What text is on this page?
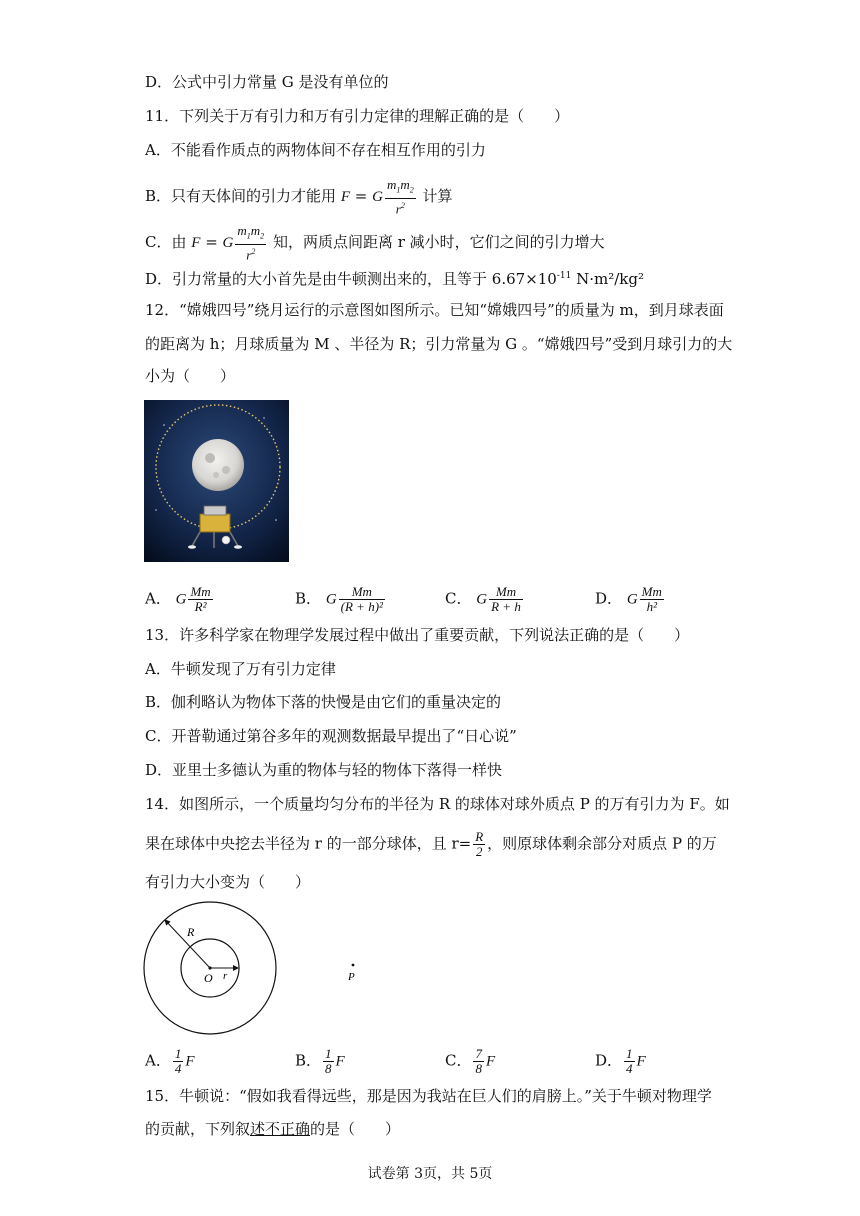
D．公式中引力常量 G 是没有单位的
11．下列关于万有引力和万有引力定律的理解正确的是（　　）
A．不能看作质点的两物体间不存在相互作用的引力
B．只有天体间的引力才能用 F = G $\frac{m_1m_2}{r^2}$ 计算
C．由 F = G $\frac{m_1m_2}{r^2}$ 知，两质点间距离 r 减小时，它们之间的引力增大
D．引力常量的大小首先是由牛顿测出来的，且等于 $6.67\times 10^{-11}$ N·m²/kg²
12．“嫦娥四号”绕月运行的示意图如图所示。已知“嫦娥四号”的质量为 m，到月球表面
的距离为 h；月球质量为 M 、半径为 R；引力常量为 G 。“嫦娥四号”受到月球引力的大
小为（　　）
A． G $\frac{Mm}{\text{R²}}$	B． G $\frac{Mm}{\text{(R + h)²}}$	C． G $\frac{Mm}{R + h}$	D． G $\frac{Mm}{\text{h²}}$
13．许多科学家在物理学发展过程中做出了重要贡献，下列说法正确的是（　　）
A．牛顿发现了万有引力定律
B．伽利略认为物体下落的快慢是由它们的重量决定的
C．开普勒通过第谷多年的观测数据最早提出了“日心说”
D．亚里士多德认为重的物体与轻的物体下落得一样快
14．如图所示，一个质量均匀分布的半径为 R 的球体对球外质点 P 的万有引力为 F。如
果在球体中央挖去半径为 r 的一部分球体，且 $r= \frac{R}{2}$ ，则原球体剩余部分对质点 P 的万
有引力大小变为（　　）
R
O r	P
A． $\frac{1}{4}$ F	B． $\frac{1}{8}$ F	C． $\frac{7}{8}$ F	D． $\frac{1}{4}$ F
15．牛顿说：“假如我看得远些，那是因为我站在巨人们的肩膀上。”关于牛顿对物理学
的贡献，下列叙述不正确的是（　　）
试卷第 3页，共 5页
